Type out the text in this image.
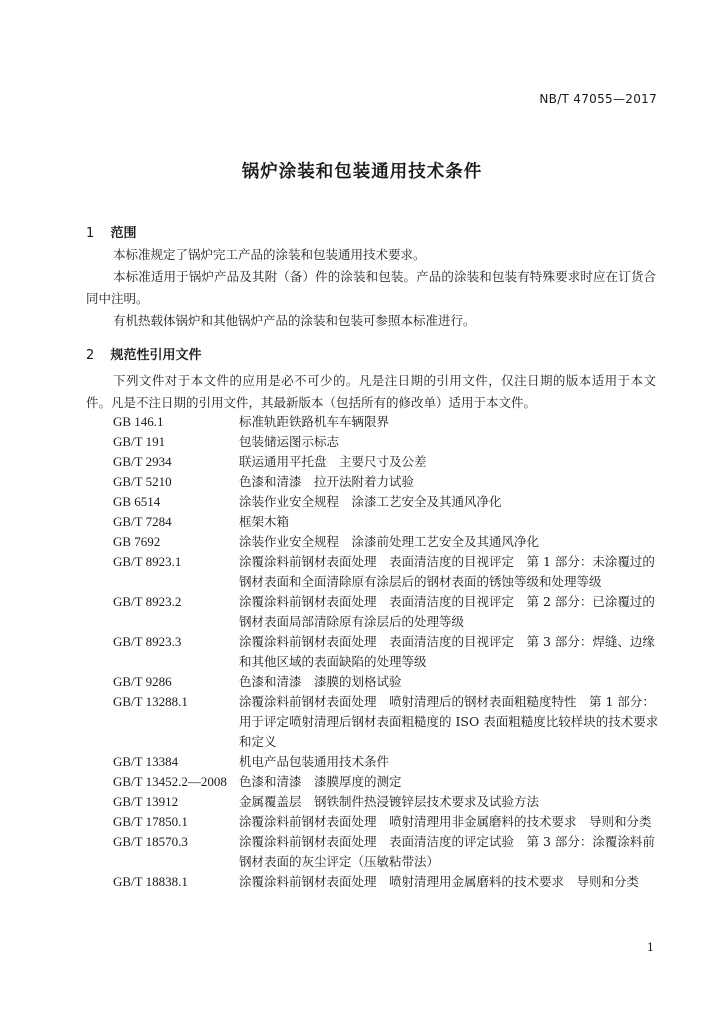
NB/T 47055—2017
锅炉涂装和包装通用技术条件
1 范围

本标准规定了锅炉完工产品的涂装和包装通用技术要求。

本标准适用于锅炉产品及其附（备）件的涂装和包装。产品的涂装和包装有特殊要求时应在订货合同中注明。

有机热载体锅炉和其他锅炉产品的涂装和包装可参照本标准进行。

2 规范性引用文件

下列文件对于本文件的应用是必不可少的。凡是注日期的引用文件，仅注日期的版本适用于本文件。凡是不注日期的引用文件，其最新版本（包括所有的修改单）适用于本文件。

GB 146.1	标准轨距铁路机车车辆限界
GB/T 191	包装储运图示标志
GB/T 2934	联运通用平托盘　主要尺寸及公差
GB/T 5210	色漆和清漆　拉开法附着力试验
GB 6514	涂装作业安全规程　涂漆工艺安全及其通风净化
GB/T 7284	框架木箱
GB 7692	涂装作业安全规程　涂漆前处理工艺安全及其通风净化
GB/T 8923.1	涂覆涂料前钢材表面处理　表面清洁度的目视评定　第 1 部分：未涂覆过的钢材表面和全面清除原有涂层后的钢材表面的锈蚀等级和处理等级
GB/T 8923.2	涂覆涂料前钢材表面处理　表面清洁度的目视评定　第 2 部分：已涂覆过的钢材表面局部清除原有涂层后的处理等级
GB/T 8923.3	涂覆涂料前钢材表面处理　表面清洁度的目视评定　第 3 部分：焊缝、边缘和其他区域的表面缺陷的处理等级
GB/T 9286	色漆和清漆　漆膜的划格试验
GB/T 13288.1	涂覆涂料前钢材表面处理　喷射清理后的钢材表面粗糙度特性　第 1 部分：用于评定喷射清理后钢材表面粗糙度的 ISO 表面粗糙度比较样块的技术要求和定义
GB/T 13384	机电产品包装通用技术条件
GB/T 13452.2—2008 色漆和清漆　漆膜厚度的测定
GB/T 13912	金属覆盖层　钢铁制件热浸镀锌层技术要求及试验方法
GB/T 17850.1	涂覆涂料前钢材表面处理　喷射清理用非金属磨料的技术要求　导则和分类
GB/T 18570.3	涂覆涂料前钢材表面处理　表面清洁度的评定试验　第 3 部分：涂覆涂料前钢材表面的灰尘评定（压敏粘带法）
GB/T 18838.1	涂覆涂料前钢材表面处理　喷射清理用金属磨料的技术要求　导则和分类
1
